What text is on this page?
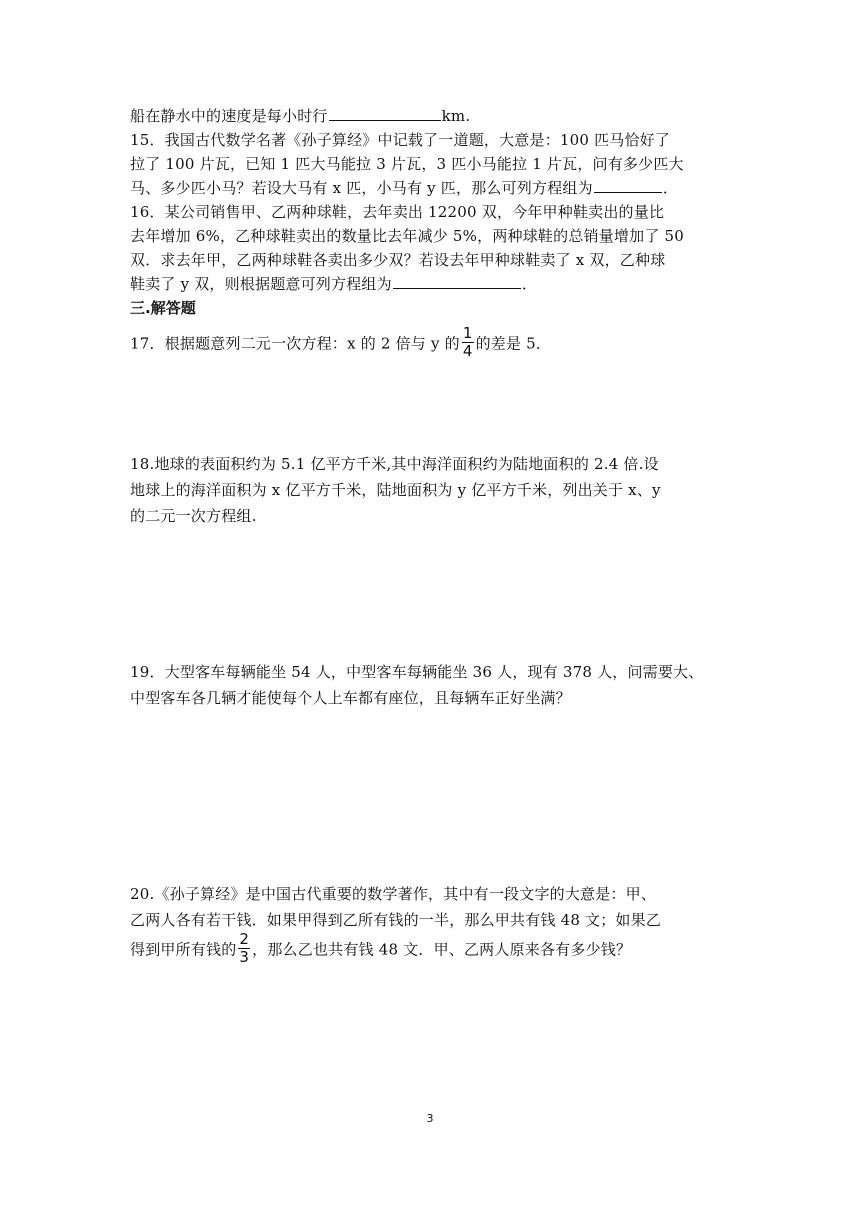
船在静水中的速度是每小时行	km.
15．我国古代数学名著《孙子算经》中记载了一道题，大意是：100 匹马恰好了
拉了 100 片瓦，已知 1 匹大马能拉 3 片瓦，3 匹小马能拉 1 片瓦，问有多少匹大
马、多少匹小马？若设大马有 x 匹，小马有 y 匹，那么可列方程组为	．
16．某公司销售甲、乙两种球鞋，去年卖出 12200 双，今年甲种鞋卖出的量比
去年增加 6%，乙种球鞋卖出的数量比去年减少 5%，两种球鞋的总销量增加了 50
双．求去年甲，乙两种球鞋各卖出多少双？若设去年甲种球鞋卖了 x 双，乙种球
鞋卖了 y 双，则根据题意可列方程组为	．
三.解答题
17．根据题意列二元一次方程：x 的 2 倍与 y 的 $\frac{1}{4}$ 的差是 5．
18.地球的表面积约为 5.1 亿平方千米,其中海洋面积约为陆地面积的 2.4 倍.设
地球上的海洋面积为 x 亿平方千米，陆地面积为 y 亿平方千米，列出关于 x、y
的二元一次方程组.
19．大型客车每辆能坐 54 人，中型客车每辆能坐 36 人，现有 378 人，问需要大、
中型客车各几辆才能使每个人上车都有座位，且每辆车正好坐满？
20.《孙子算经》是中国古代重要的数学著作，其中有一段文字的大意是：甲、
乙两人各有若干钱．如果甲得到乙所有钱的一半，那么甲共有钱 48 文；如果乙
得到甲所有钱的 $\frac{2}{3}$ ，那么乙也共有钱 48 文．甲、乙两人原来各有多少钱？
3
